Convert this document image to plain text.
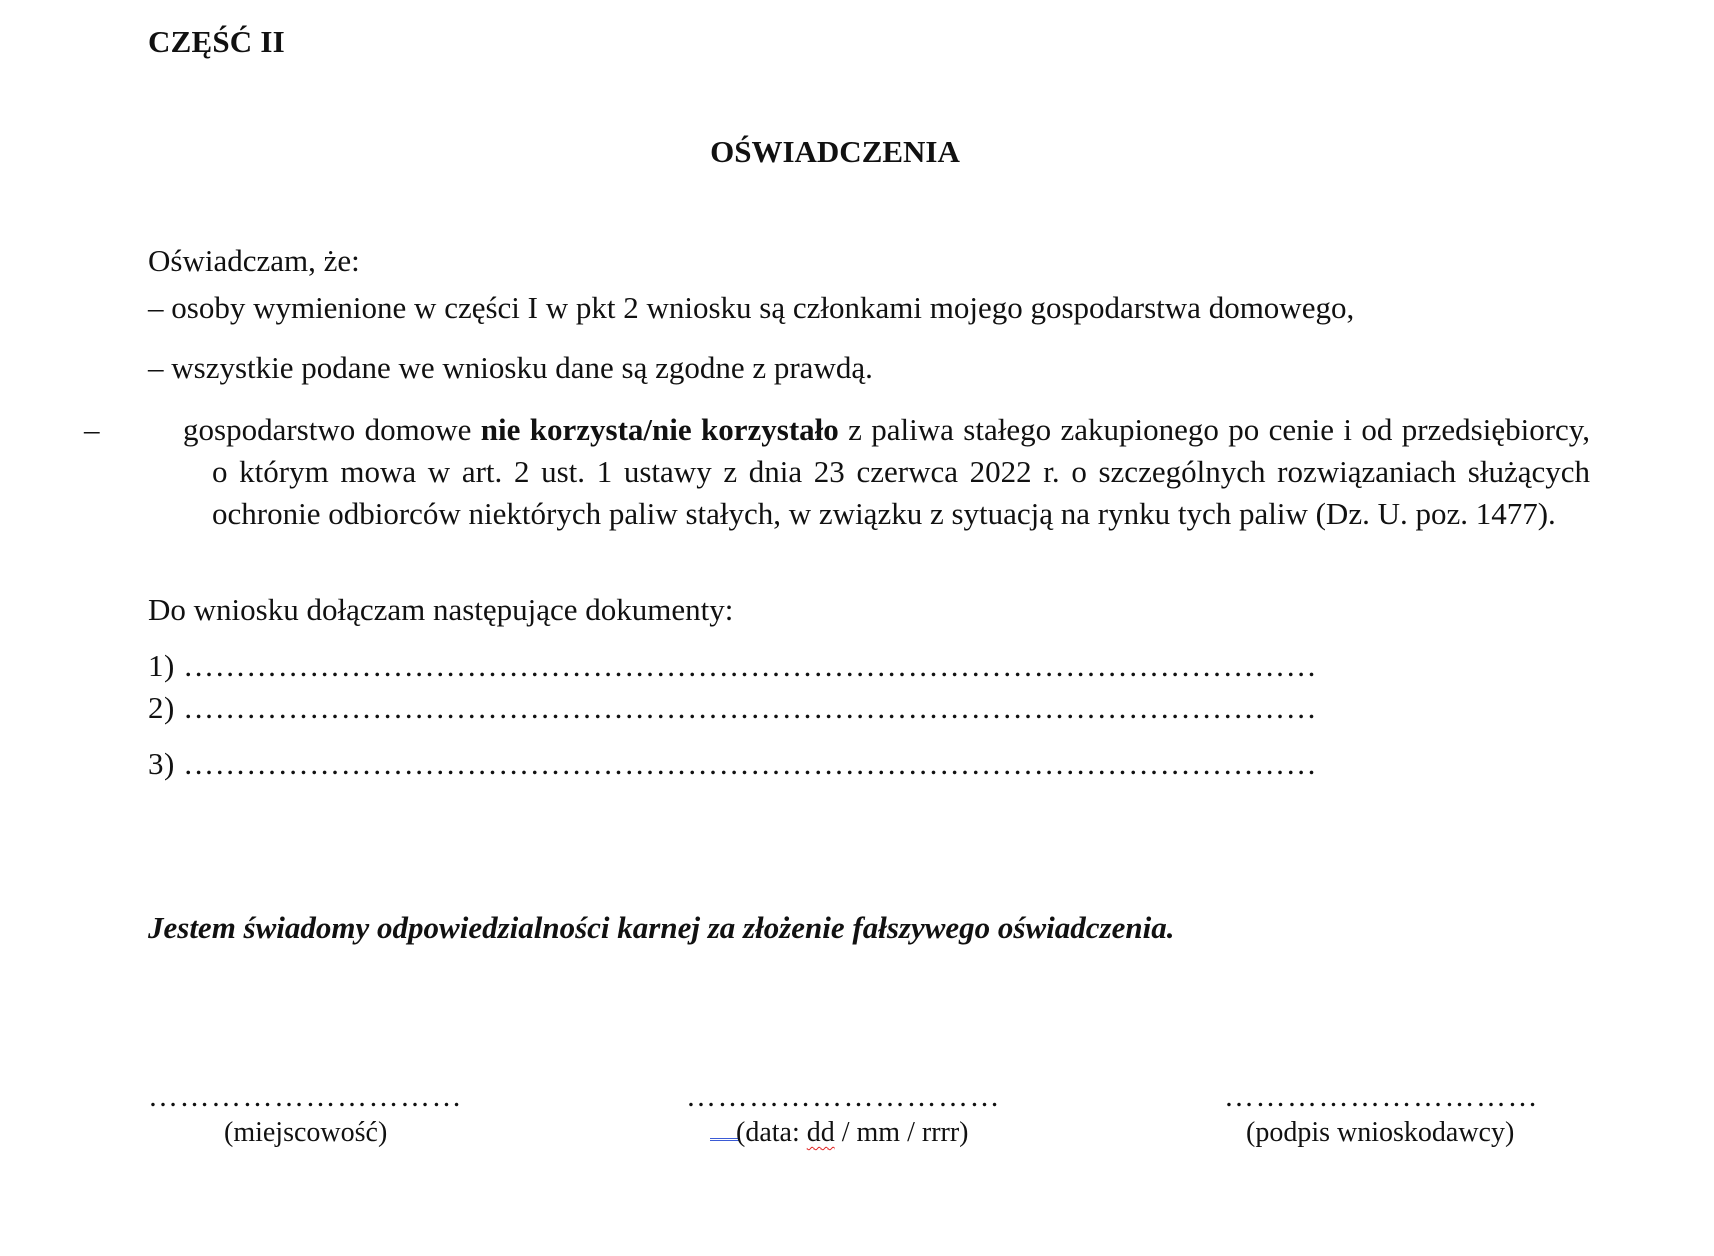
CZĘŚĆ II
OŚWIADCZENIA
Oświadczam, że:
– osoby wymienione w części I w pkt 2 wniosku są członkami mojego gospodarstwa domowego,
– wszystkie podane we wniosku dane są zgodne z prawdą.
–	gospodarstwo domowe nie korzysta/nie korzystało z paliwa stałego zakupionego po cenie i od przedsiębiorcy, o którym mowa w art. 2 ust. 1 ustawy z dnia 23 czerwca 2022 r. o szczególnych rozwiązaniach służących ochronie odbiorców niektórych paliw stałych, w związku z sytuacją na rynku tych paliw (Dz. U. poz. 1477).
Do wniosku dołączam następujące dokumenty:
1) ………………………………………………………………………………………………
2) ………………………………………………………………………………………………
3) ………………………………………………………………………………………………
Jestem świadomy odpowiedzialności karnej za złożenie fałszywego oświadczenia.
…………………………	…………………………	…………………………
(miejscowość)	(data: dd / mm / rrrr)	(podpis wnioskodawcy)
